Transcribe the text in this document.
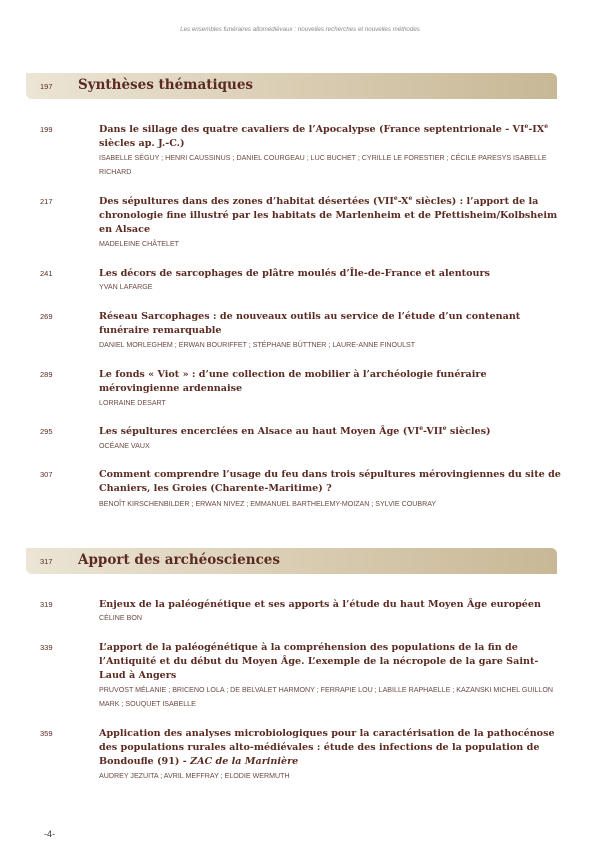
Les ensembles funéraires altomédiévaux : nouvelles recherches et nouvelles méthodes
197 Synthèses thématiques
199	Dans le sillage des quatre cavaliers de l’Apocalypse (France septentrionale - VIe-IXe siècles ap. J.-C.)
ISABELLE SÉGUY ; HENRI CAUSSINUS ; DANIEL COURGEAU ; LUC BUCHET ; CYRILLE LE FORESTIER ; CÉCILE PARESYS ISABELLE RICHARD
217	Des sépultures dans des zones d’habitat désertées (VIIe-Xe siècles) : l’apport de la chronologie fine illustré par les habitats de Marlenheim et de Pfettisheim/Kolbsheim en Alsace
MADELEINE CHÂTELET
241	Les décors de sarcophages de plâtre moulés d’Île-de-France et alentours
YVAN LAFARGE
269	Réseau Sarcophages : de nouveaux outils au service de l’étude d’un contenant funéraire remarquable
DANIEL MORLEGHEM ; ERWAN BOURIFFET ; STÉPHANE BÜTTNER ; LAURE-ANNE FINOULST
289	Le fonds « Viot » : d’une collection de mobilier à l’archéologie funéraire mérovingienne ardennaise
LORRAINE DESART
295	Les sépultures encerclées en Alsace au haut Moyen Âge (VIe-VIIe siècles)
OCÉANE VAUX
307	Comment comprendre l’usage du feu dans trois sépultures mérovingiennes du site de Chaniers, les Groies (Charente-Maritime) ?
BENOÎT KIRSCHENBILDER ; ERWAN NIVEZ ; EMMANUEL BARTHELEMY-MOIZAN ; SYLVIE COUBRAY
317 Apport des archéosciences
319	Enjeux de la paléogénétique et ses apports à l’étude du haut Moyen Âge européen
CÉLINE BON
339	L’apport de la paléogénétique à la compréhension des populations de la fin de l’Antiquité et du début du Moyen Âge. L’exemple de la nécropole de la gare Saint-Laud à Angers
PRUVOST MÉLANIE ; BRICENO LOLA ; DE BELVALET HARMONY ; FERRAPIE LOU ; LABILLE RAPHAELLE ; KAZANSKI MICHEL GUILLON MARK ; SOUQUET ISABELLE
359	Application des analyses microbiologiques pour la caractérisation de la pathocénose des populations rurales alto-médiévales : étude des infections de la population de Bondoufle (91) - ZAC de la Marinière
AUDREY JEZUITA ; AVRIL MEFFRAY ; ELODIE WERMUTH
-4-
